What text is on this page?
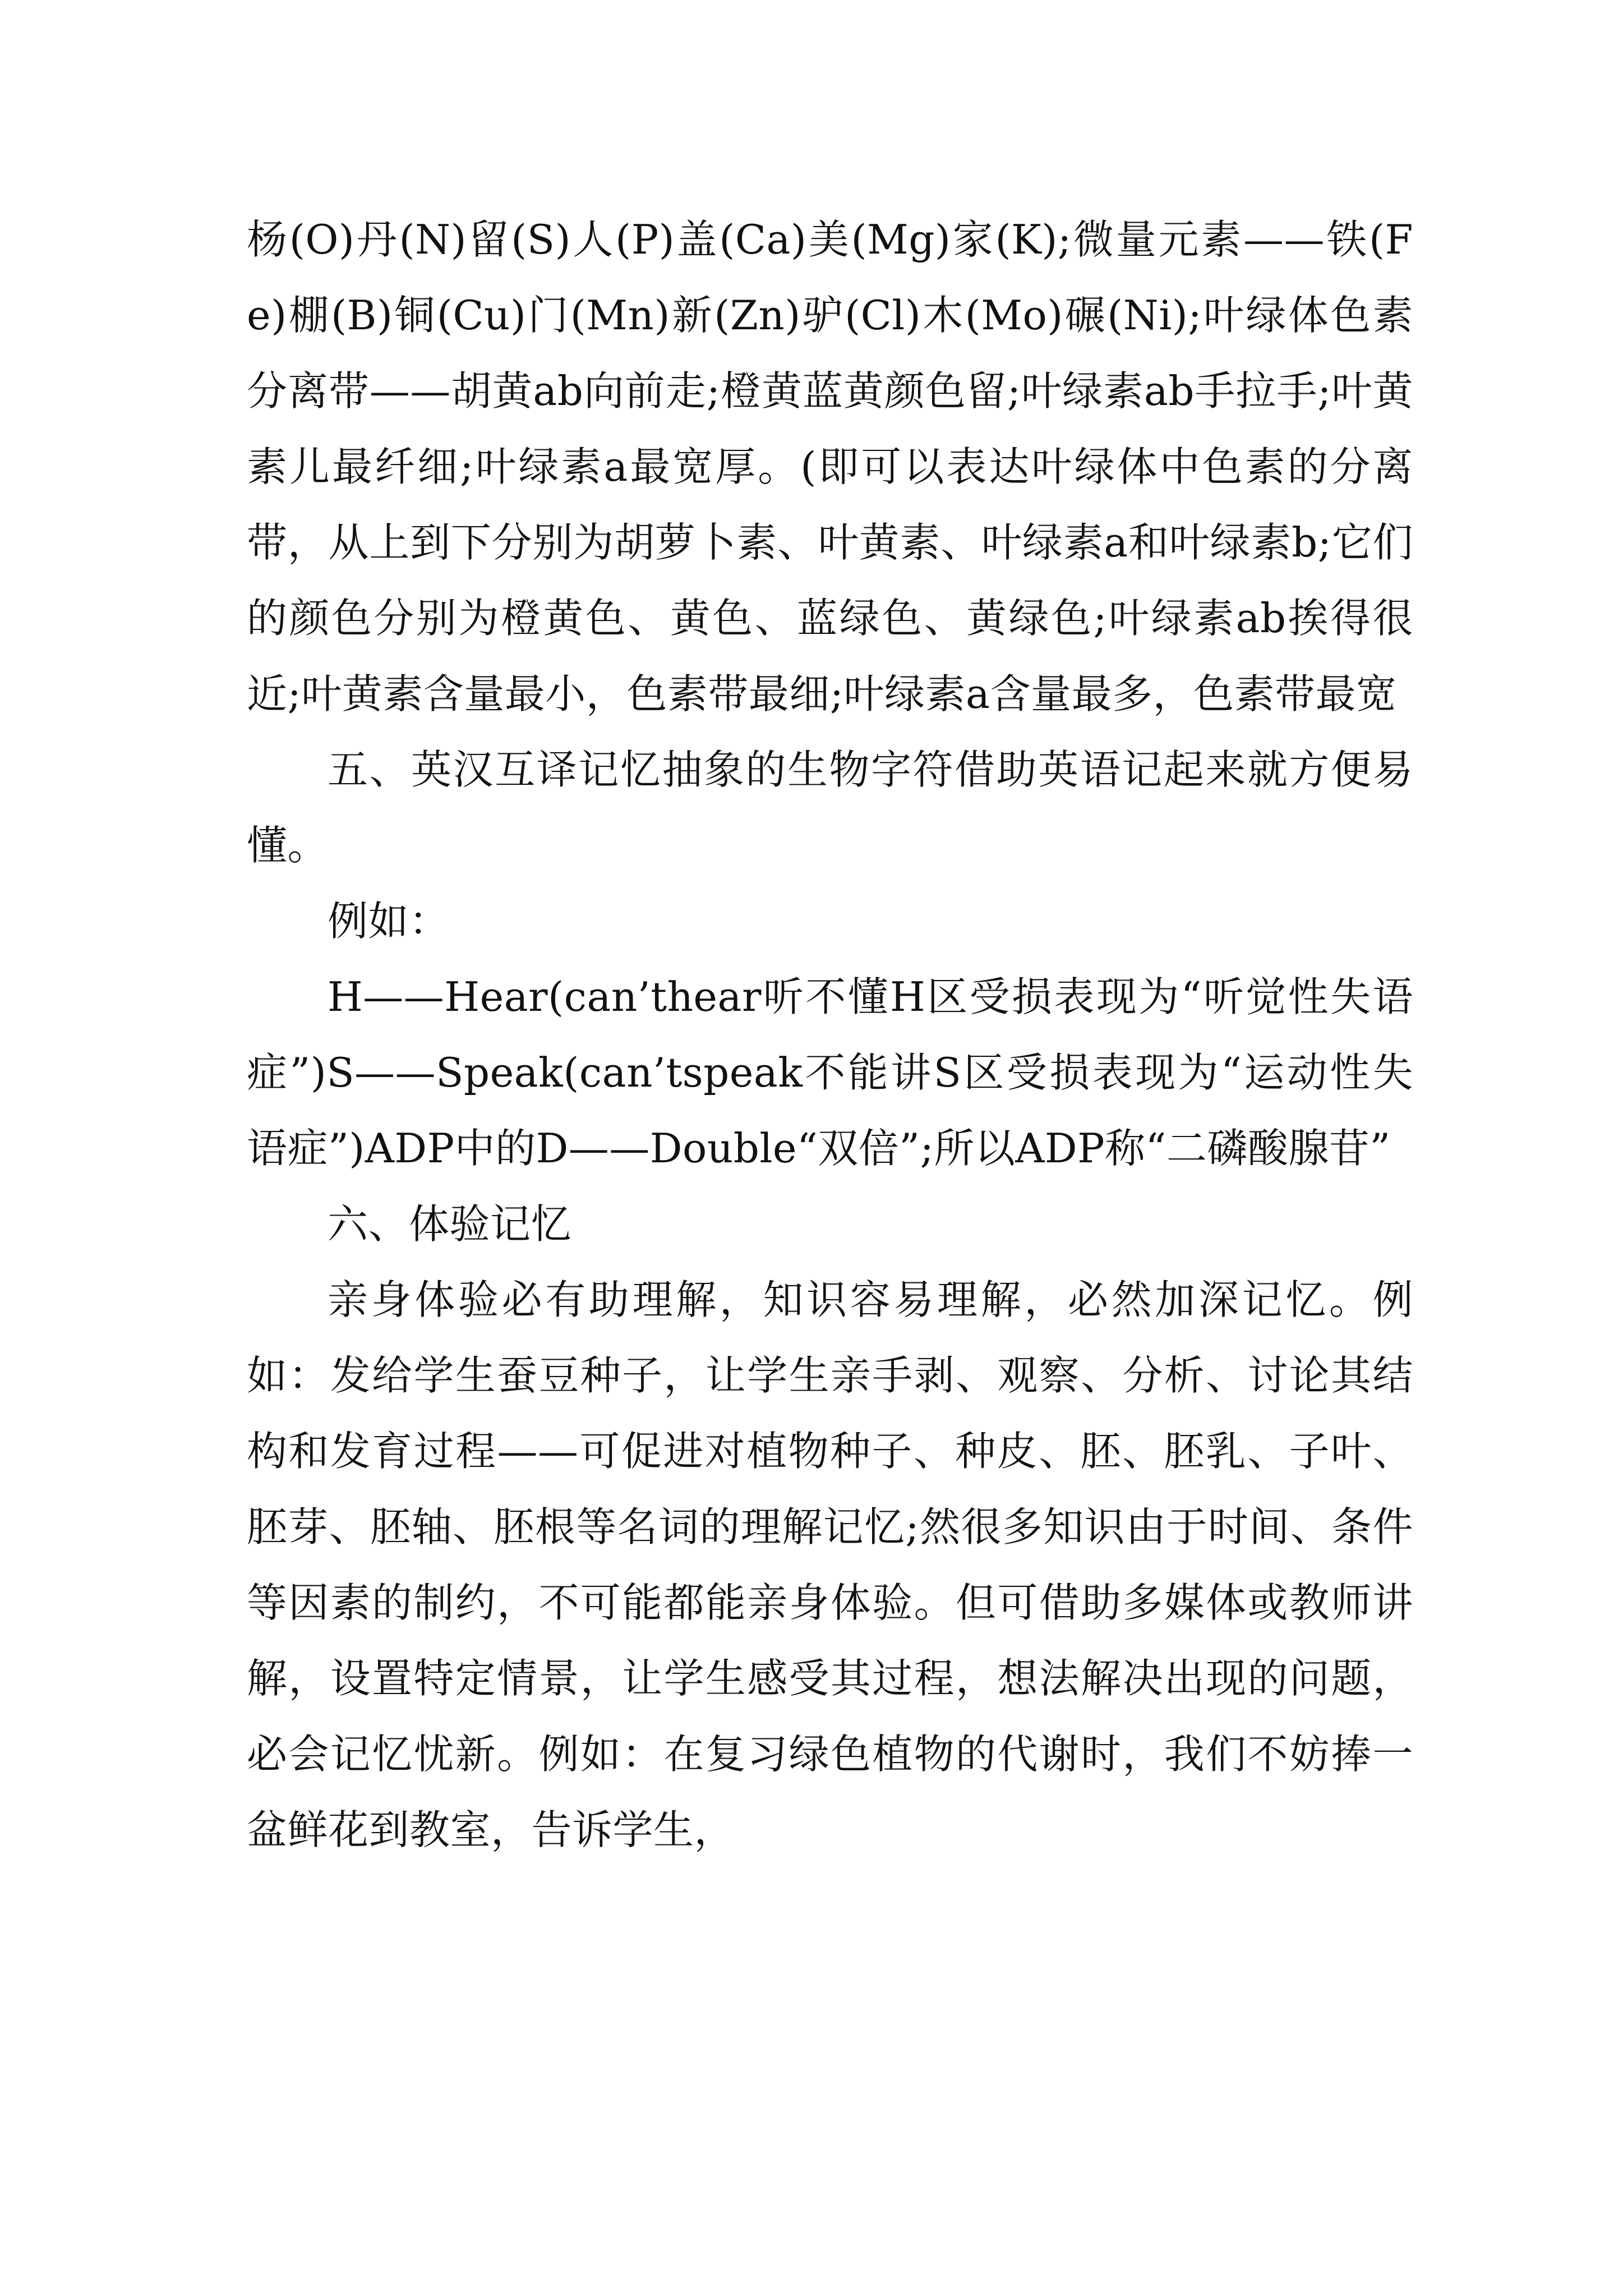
杨(O)丹(N)留(S)人(P)盖(Ca)美(Mg)家(K);微量元素——铁(Fe)棚(B)铜(Cu)门(Mn)新(Zn)驴(Cl)木(Mo)碾(Ni);叶绿体色素分离带——胡黄ab向前走;橙黄蓝黄颜色留;叶绿素ab手拉手;叶黄素儿最纤细;叶绿素a最宽厚。(即可以表达叶绿体中色素的分离带，从上到下分别为胡萝卜素、叶黄素、叶绿素a和叶绿素b;它们的颜色分别为橙黄色、黄色、蓝绿色、黄绿色;叶绿素ab挨得很近;叶黄素含量最小，色素带最细;叶绿素a含量最多，色素带最宽

五、英汉互译记忆抽象的生物字符借助英语记起来就方便易懂。

例如：

H——Hear(can’thear听不懂H区受损表现为“听觉性失语症”)S——Speak(can’tspeak不能讲S区受损表现为“运动性失语症”)ADP中的D——Double“双倍”;所以ADP称“二磷酸腺苷”

六、体验记忆

亲身体验必有助理解，知识容易理解，必然加深记忆。例如：发给学生蚕豆种子，让学生亲手剥、观察、分析、讨论其结构和发育过程——可促进对植物种子、种皮、胚、胚乳、子叶、胚芽、胚轴、胚根等名词的理解记忆;然很多知识由于时间、条件等因素的制约，不可能都能亲身体验。但可借助多媒体或教师讲解，设置特定情景，让学生感受其过程，想法解决出现的问题，必会记忆忧新。例如：在复习绿色植物的代谢时，我们不妨捧一盆鲜花到教室，告诉学生，
